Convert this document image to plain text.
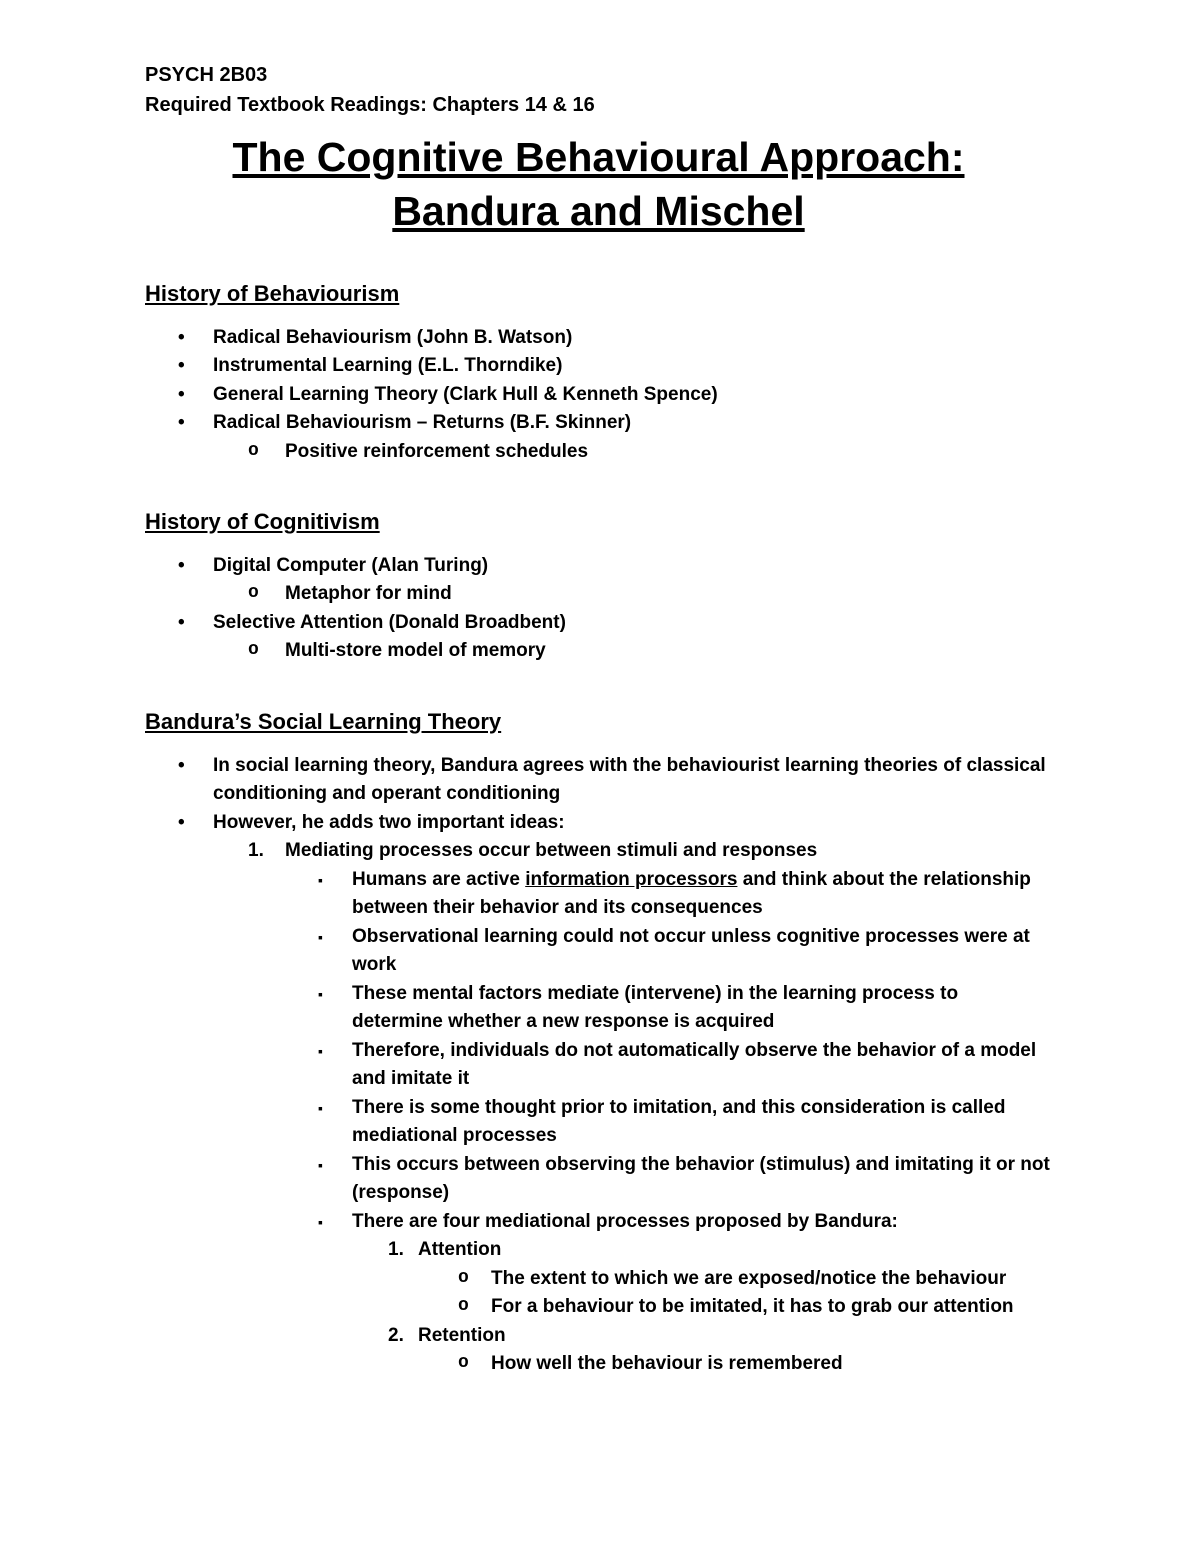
PSYCH 2B03
Required Textbook Readings: Chapters 14 & 16
The Cognitive Behavioural Approach:
Bandura and Mischel
History of Behaviourism
•	Radical Behaviourism (John B. Watson)
•	Instrumental Learning (E.L. Thorndike)
•	General Learning Theory (Clark Hull & Kenneth Spence)
•	Radical Behaviourism – Returns (B.F. Skinner)
o	Positive reinforcement schedules
History of Cognitivism
•	Digital Computer (Alan Turing)
o	Metaphor for mind
•	Selective Attention (Donald Broadbent)
o	Multi-store model of memory
Bandura’s Social Learning Theory
•	In social learning theory, Bandura agrees with the behaviourist learning theories of classical conditioning and operant conditioning
•	However, he adds two important ideas:
1.	Mediating processes occur between stimuli and responses
▪	Humans are active information processors and think about the relationship between their behavior and its consequences
▪	Observational learning could not occur unless cognitive processes were at work
▪	These mental factors mediate (intervene) in the learning process to determine whether a new response is acquired
▪	Therefore, individuals do not automatically observe the behavior of a model and imitate it
▪	There is some thought prior to imitation, and this consideration is called mediational processes
▪	This occurs between observing the behavior (stimulus) and imitating it or not (response)
▪	There are four mediational processes proposed by Bandura:
1. Attention
o	The extent to which we are exposed/notice the behaviour
o	For a behaviour to be imitated, it has to grab our attention
2. Retention
o	How well the behaviour is remembered
